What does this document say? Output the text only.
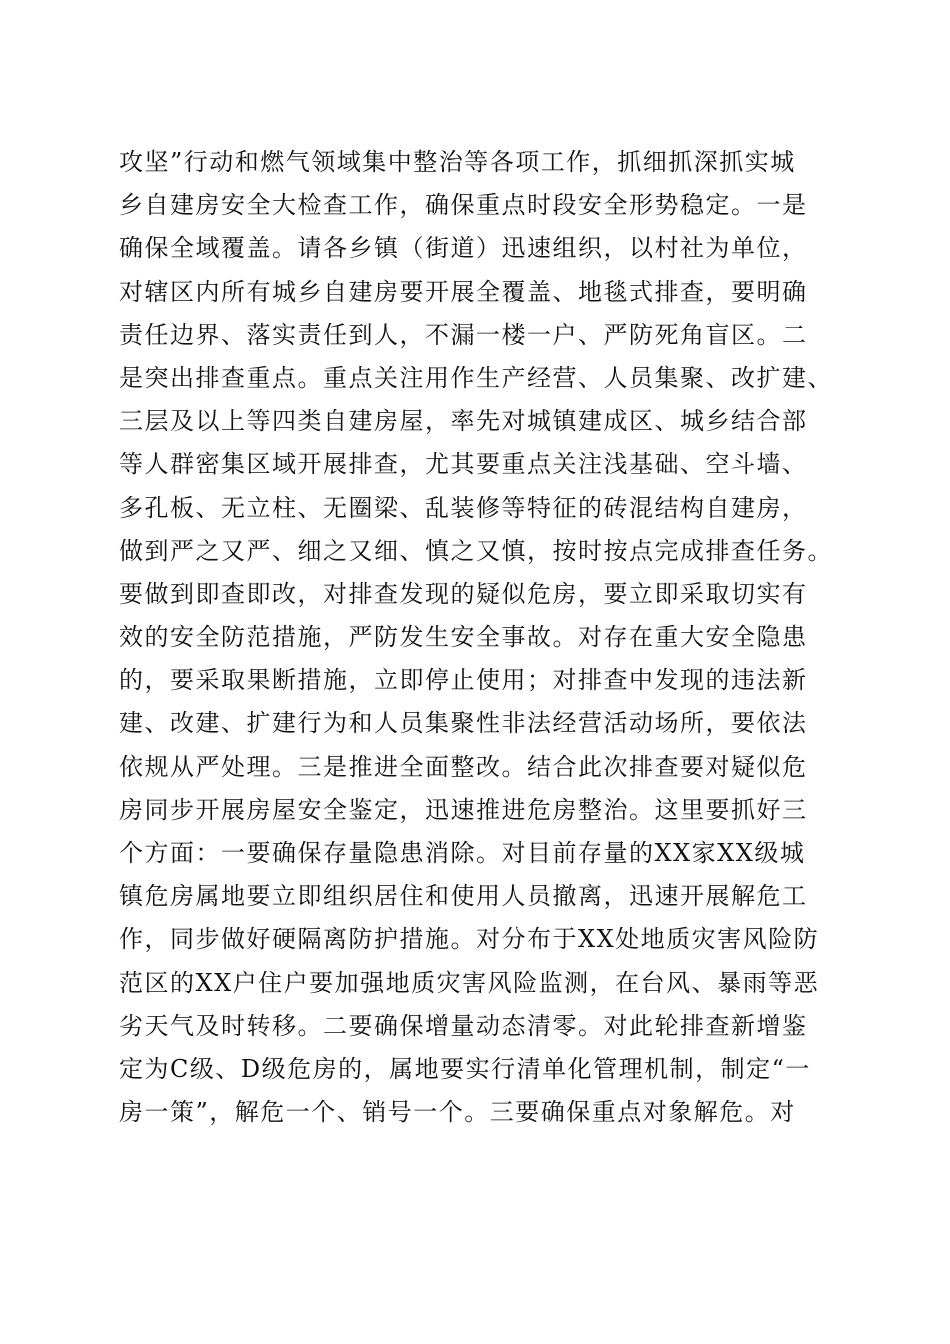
攻坚”行动和燃气领域集中整治等各项工作，抓细抓深抓实城
乡自建房安全大检查工作，确保重点时段安全形势稳定。一是
确保全域覆盖。请各乡镇（街道）迅速组织，以村社为单位，
对辖区内所有城乡自建房要开展全覆盖、地毯式排查，要明确
责任边界、落实责任到人，不漏一楼一户、严防死角盲区。二
是突出排查重点。重点关注用作生产经营、人员集聚、改扩建、
三层及以上等四类自建房屋，率先对城镇建成区、城乡结合部
等人群密集区域开展排查，尤其要重点关注浅基础、空斗墙、
多孔板、无立柱、无圈梁、乱装修等特征的砖混结构自建房，
做到严之又严、细之又细、慎之又慎，按时按点完成排查任务。
要做到即查即改，对排查发现的疑似危房，要立即采取切实有
效的安全防范措施，严防发生安全事故。对存在重大安全隐患
的，要采取果断措施，立即停止使用；对排查中发现的违法新
建、改建、扩建行为和人员集聚性非法经营活动场所，要依法
依规从严处理。三是推进全面整改。结合此次排查要对疑似危
房同步开展房屋安全鉴定，迅速推进危房整治。这里要抓好三
个方面：一要确保存量隐患消除。对目前存量的XX家XX级城
镇危房属地要立即组织居住和使用人员撤离，迅速开展解危工
作，同步做好硬隔离防护措施。对分布于XX处地质灾害风险防
范区的XX户住户要加强地质灾害风险监测，在台风、暴雨等恶
劣天气及时转移。二要确保增量动态清零。对此轮排查新增鉴
定为C级、D级危房的，属地要实行清单化管理机制，制定“一
房一策”，解危一个、销号一个。三要确保重点对象解危。对
